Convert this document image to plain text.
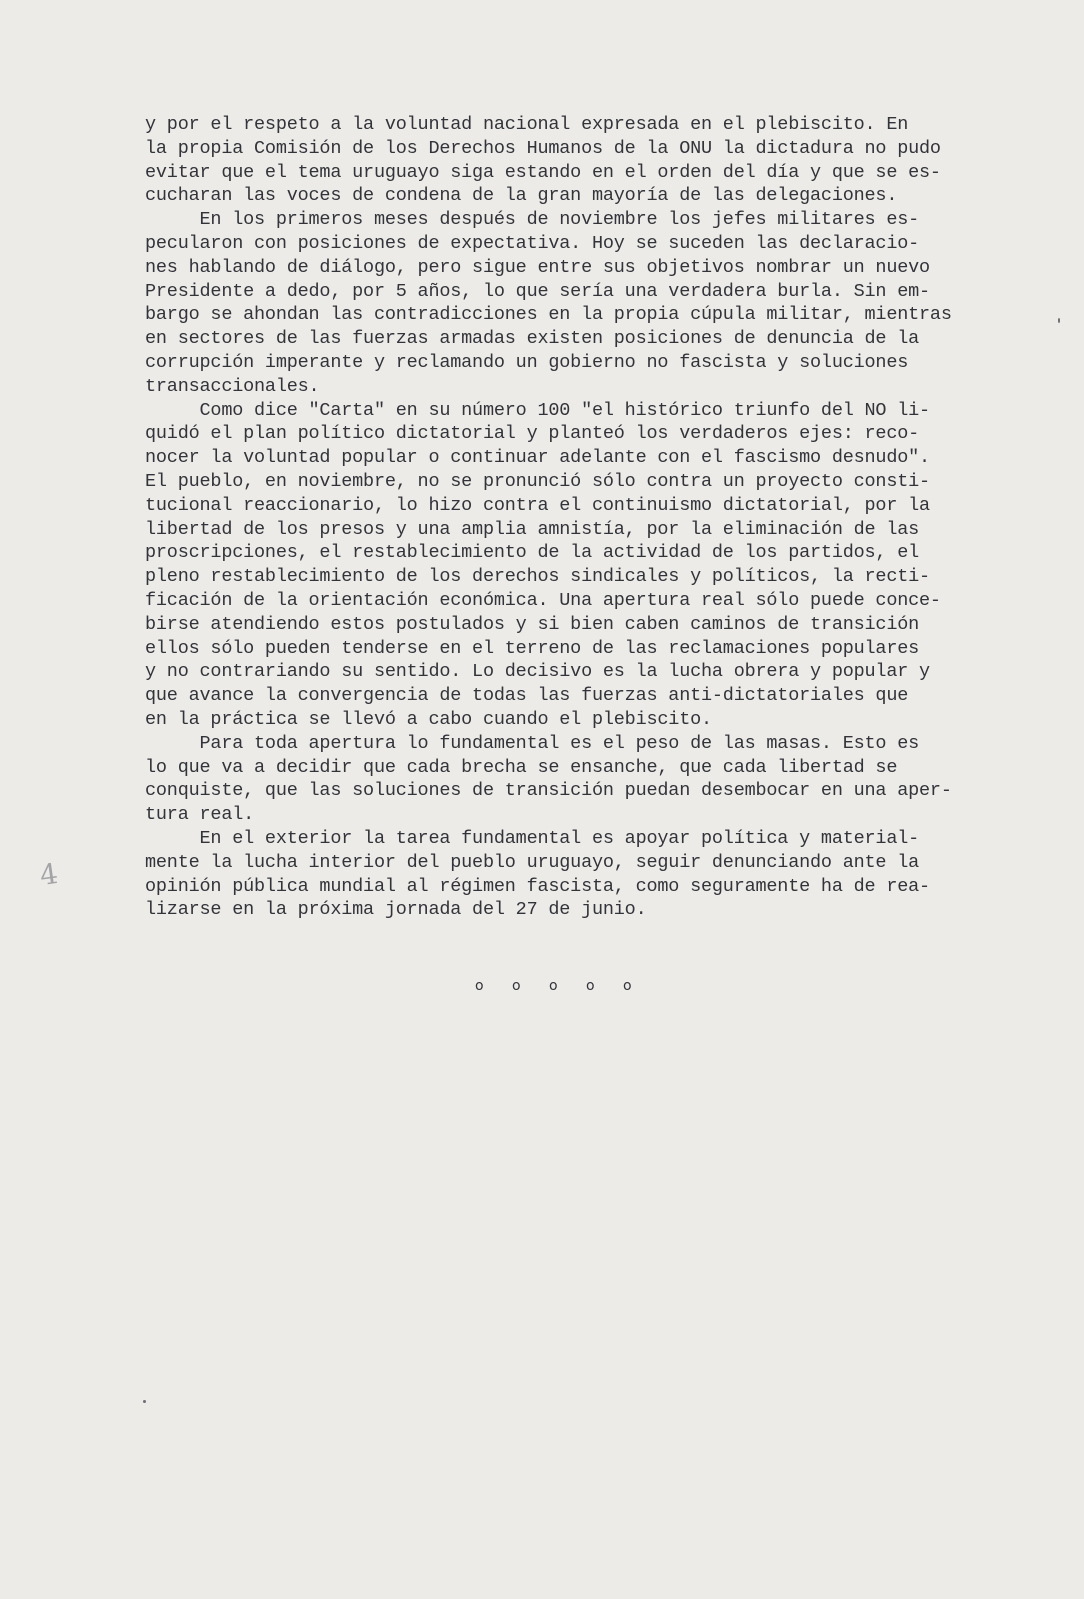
4
y por el respeto a la voluntad nacional expresada en el plebiscito. En
la propia Comisión de los Derechos Humanos de la ONU la dictadura no pudo
evitar que el tema uruguayo siga estando en el orden del día y que se es-
cucharan las voces de condena de la gran mayoría de las delegaciones.
En los primeros meses después de noviembre los jefes militares es-
pecularon con posiciones de expectativa. Hoy se suceden las declaracio-
nes hablando de diálogo, pero sigue entre sus objetivos nombrar un nuevo
Presidente a dedo, por 5 años, lo que sería una verdadera burla. Sin em-
bargo se ahondan las contradicciones en la propia cúpula militar, mientras
en sectores de las fuerzas armadas existen posiciones de denuncia de la
corrupción imperante y reclamando un gobierno no fascista y soluciones
transaccionales.
Como dice "Carta" en su número 100 "el histórico triunfo del NO li-
quidó el plan político dictatorial y planteó los verdaderos ejes: reco-
nocer la voluntad popular o continuar adelante con el fascismo desnudo".
El pueblo, en noviembre, no se pronunció sólo contra un proyecto consti-
tucional reaccionario, lo hizo contra el continuismo dictatorial, por la
libertad de los presos y una amplia amnistía, por la eliminación de las
proscripciones, el restablecimiento de la actividad de los partidos, el
pleno restablecimiento de los derechos sindicales y políticos, la recti-
ficación de la orientación económica. Una apertura real sólo puede conce-
birse atendiendo estos postulados y si bien caben caminos de transición
ellos sólo pueden tenderse en el terreno de las reclamaciones populares
y no contrariando su sentido. Lo decisivo es la lucha obrera y popular y
que avance la convergencia de todas las fuerzas anti-dictatoriales que
en la práctica se llevó a cabo cuando el plebiscito.
Para toda apertura lo fundamental es el peso de las masas. Esto es
lo que va a decidir que cada brecha se ensanche, que cada libertad se
conquiste, que las soluciones de transición puedan desembocar en una aper-
tura real.
En el exterior la tarea fundamental es apoyar política y material-
mente la lucha interior del pueblo uruguayo, seguir denunciando ante la
opinión pública mundial al régimen fascista, como seguramente ha de rea-
lizarse en la próxima jornada del 27 de junio.
o o o o o
